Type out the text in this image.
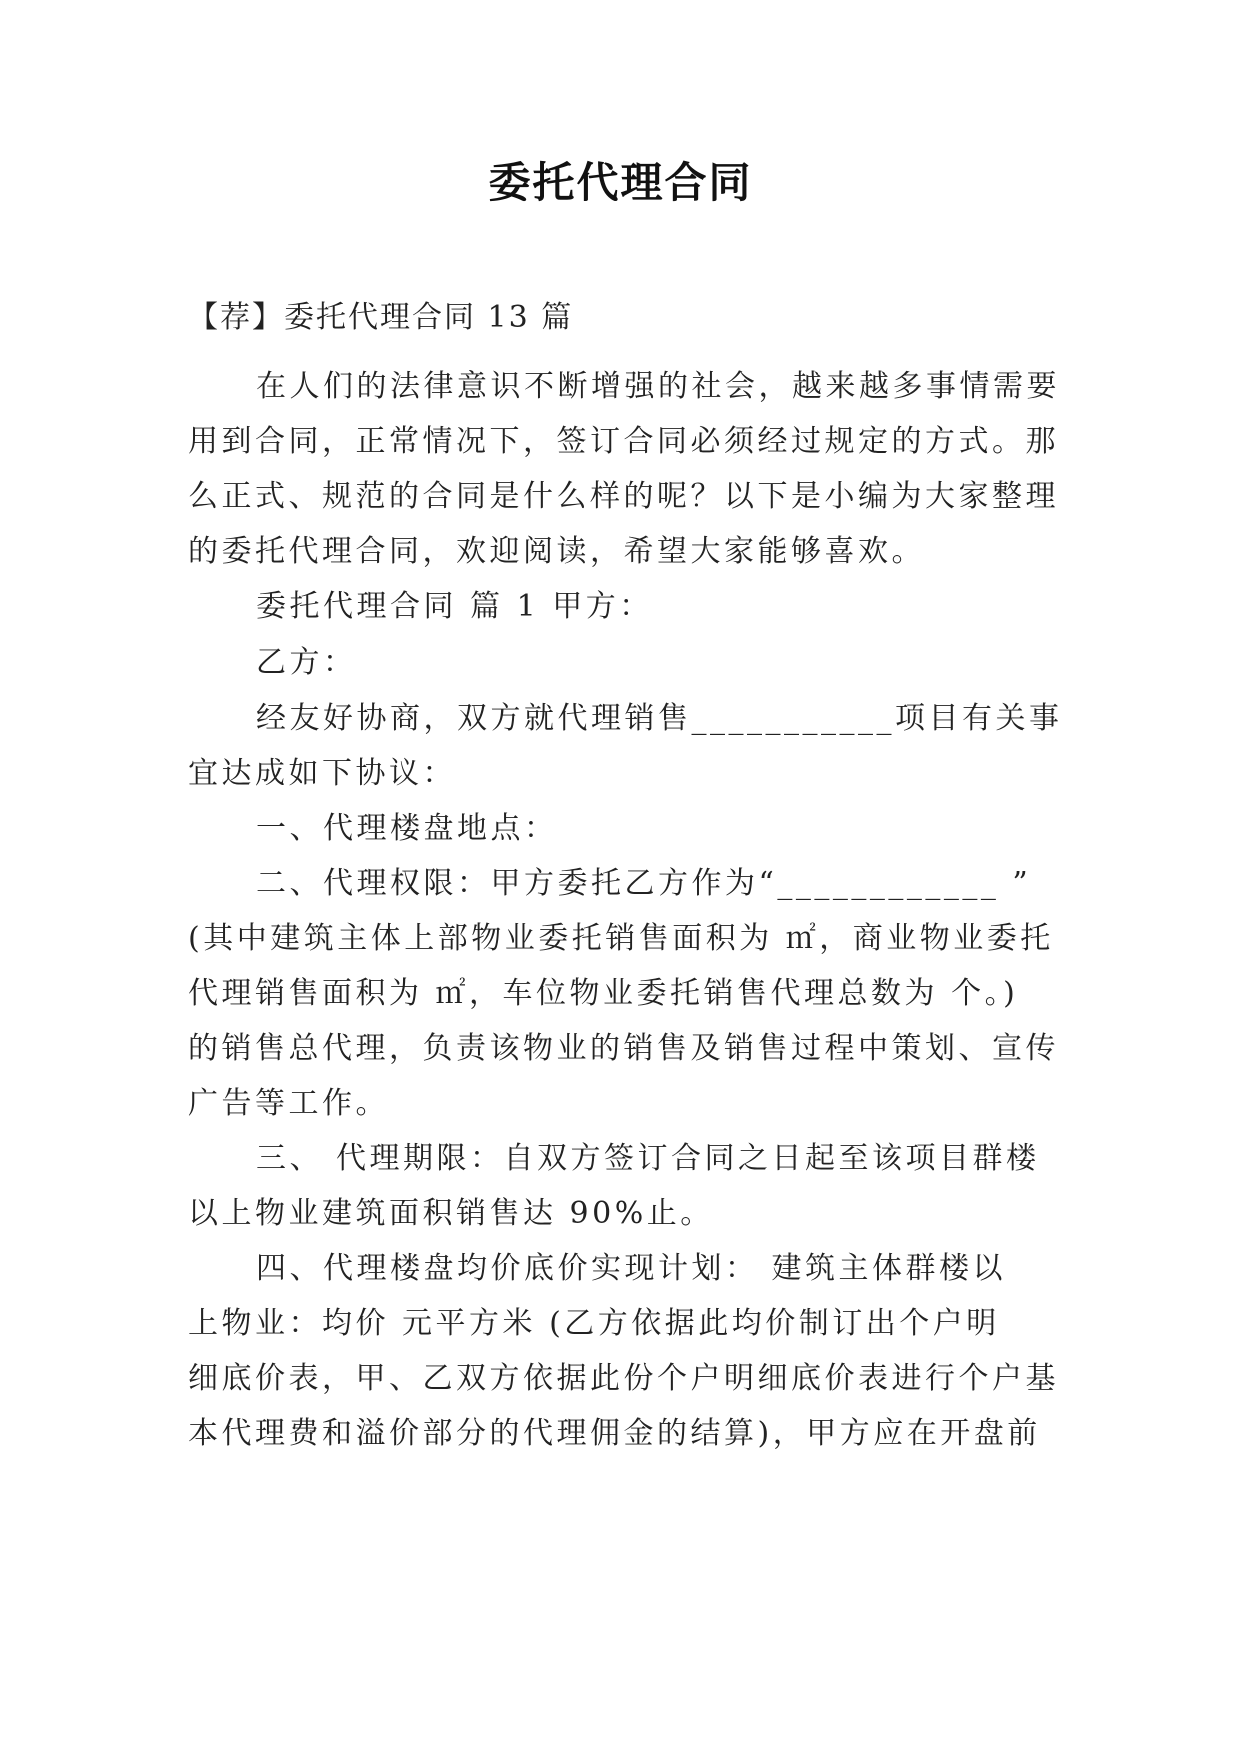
委托代理合同
【荐】委托代理合同 13 篇
在人们的法律意识不断增强的社会，越来越多事情需要
用到合同，正常情况下，签订合同必须经过规定的方式。那
么正式、规范的合同是什么样的呢？以下是小编为大家整理
的委托代理合同，欢迎阅读，希望大家能够喜欢。
委托代理合同 篇 1 甲方：
乙方：
经友好协商，双方就代理销售___________项目有关事
宜达成如下协议：
一、代理楼盘地点：
二、代理权限：甲方委托乙方作为“____________ ”
(其中建筑主体上部物业委托销售面积为 ㎡，商业物业委托
代理销售面积为 ㎡，车位物业委托销售代理总数为 个。)
的销售总代理，负责该物业的销售及销售过程中策划、宣传
广告等工作。
三、 代理期限：自双方签订合同之日起至该项目群楼
以上物业建筑面积销售达 90%止。
四、代理楼盘均价底价实现计划： 建筑主体群楼以
上物业：均价 元平方米 (乙方依据此均价制订出个户明
细底价表，甲、乙双方依据此份个户明细底价表进行个户基
本代理费和溢价部分的代理佣金的结算)，甲方应在开盘前
